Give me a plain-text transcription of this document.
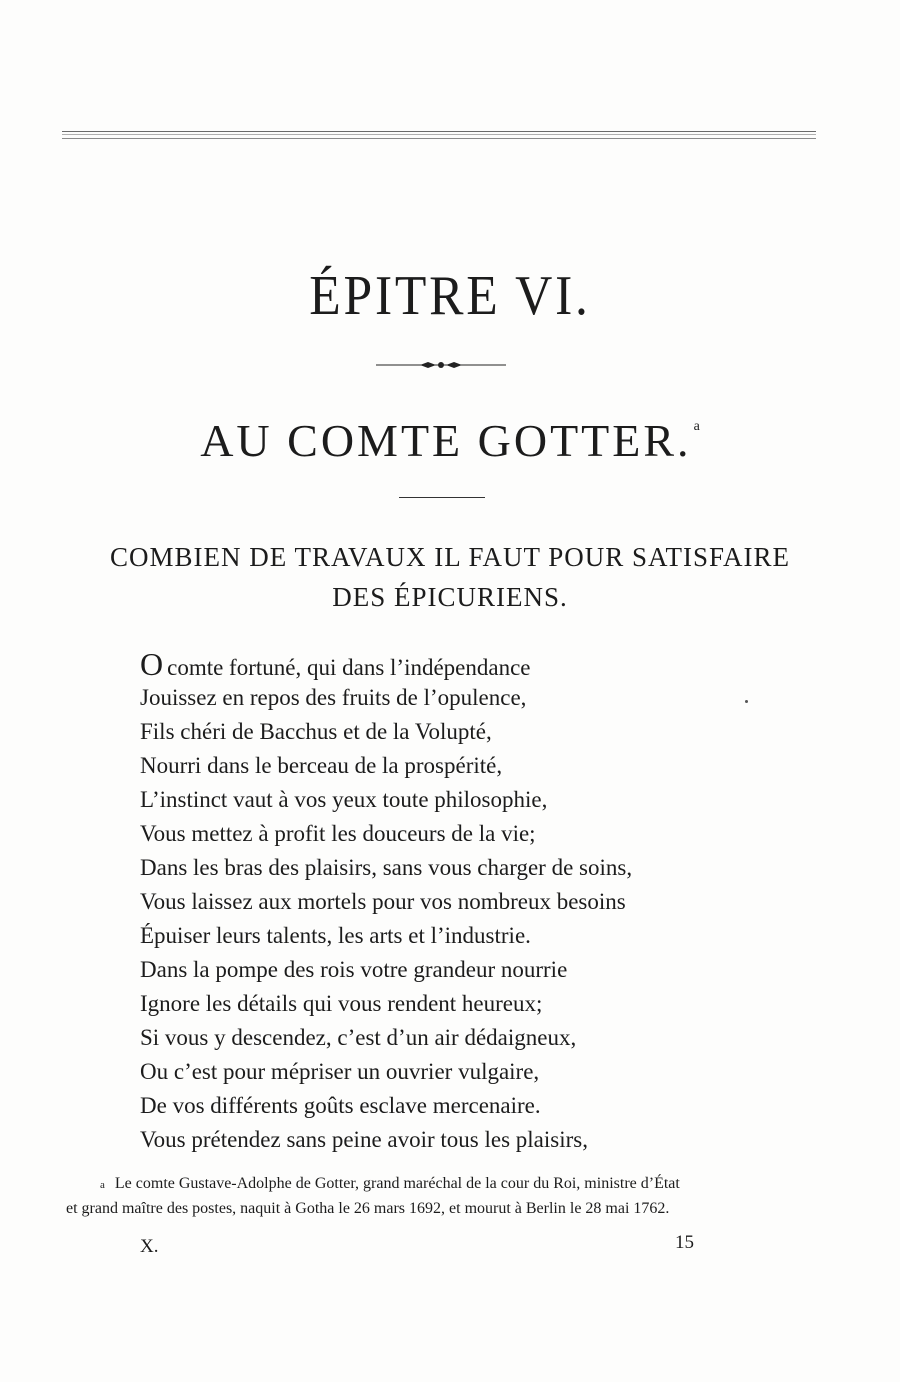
ÉPITRE VI.
AU COMTE GOTTER. $^a$
COMBIEN DE TRAVAUX IL FAUT POUR SATISFAIRE
DES ÉPICURIENS.
O comte fortuné, qui dans l’indépendance
Jouissez en repos des fruits de l’opulence,
Fils chéri de Bacchus et de la Volupté,
Nourri dans le berceau de la prospérité,
L’instinct vaut à vos yeux toute philosophie,
Vous mettez à profit les douceurs de la vie;
Dans les bras des plaisirs, sans vous charger de soins,
Vous laissez aux mortels pour vos nombreux besoins
Épuiser leurs talents, les arts et l’industrie.
Dans la pompe des rois votre grandeur nourrie
Ignore les détails qui vous rendent heureux;
Si vous y descendez, c’est d’un air dédaigneux,
Ou c’est pour mépriser un ouvrier vulgaire,
De vos différents goûts esclave mercenaire.
Vous prétendez sans peine avoir tous les plaisirs,
a Le comte Gustave-Adolphe de Gotter, grand maréchal de la cour du Roi, ministre d’État
et grand maître des postes, naquit à Gotha le 26 mars 1692, et mourut à Berlin le 28 mai 1762.
X.	15
